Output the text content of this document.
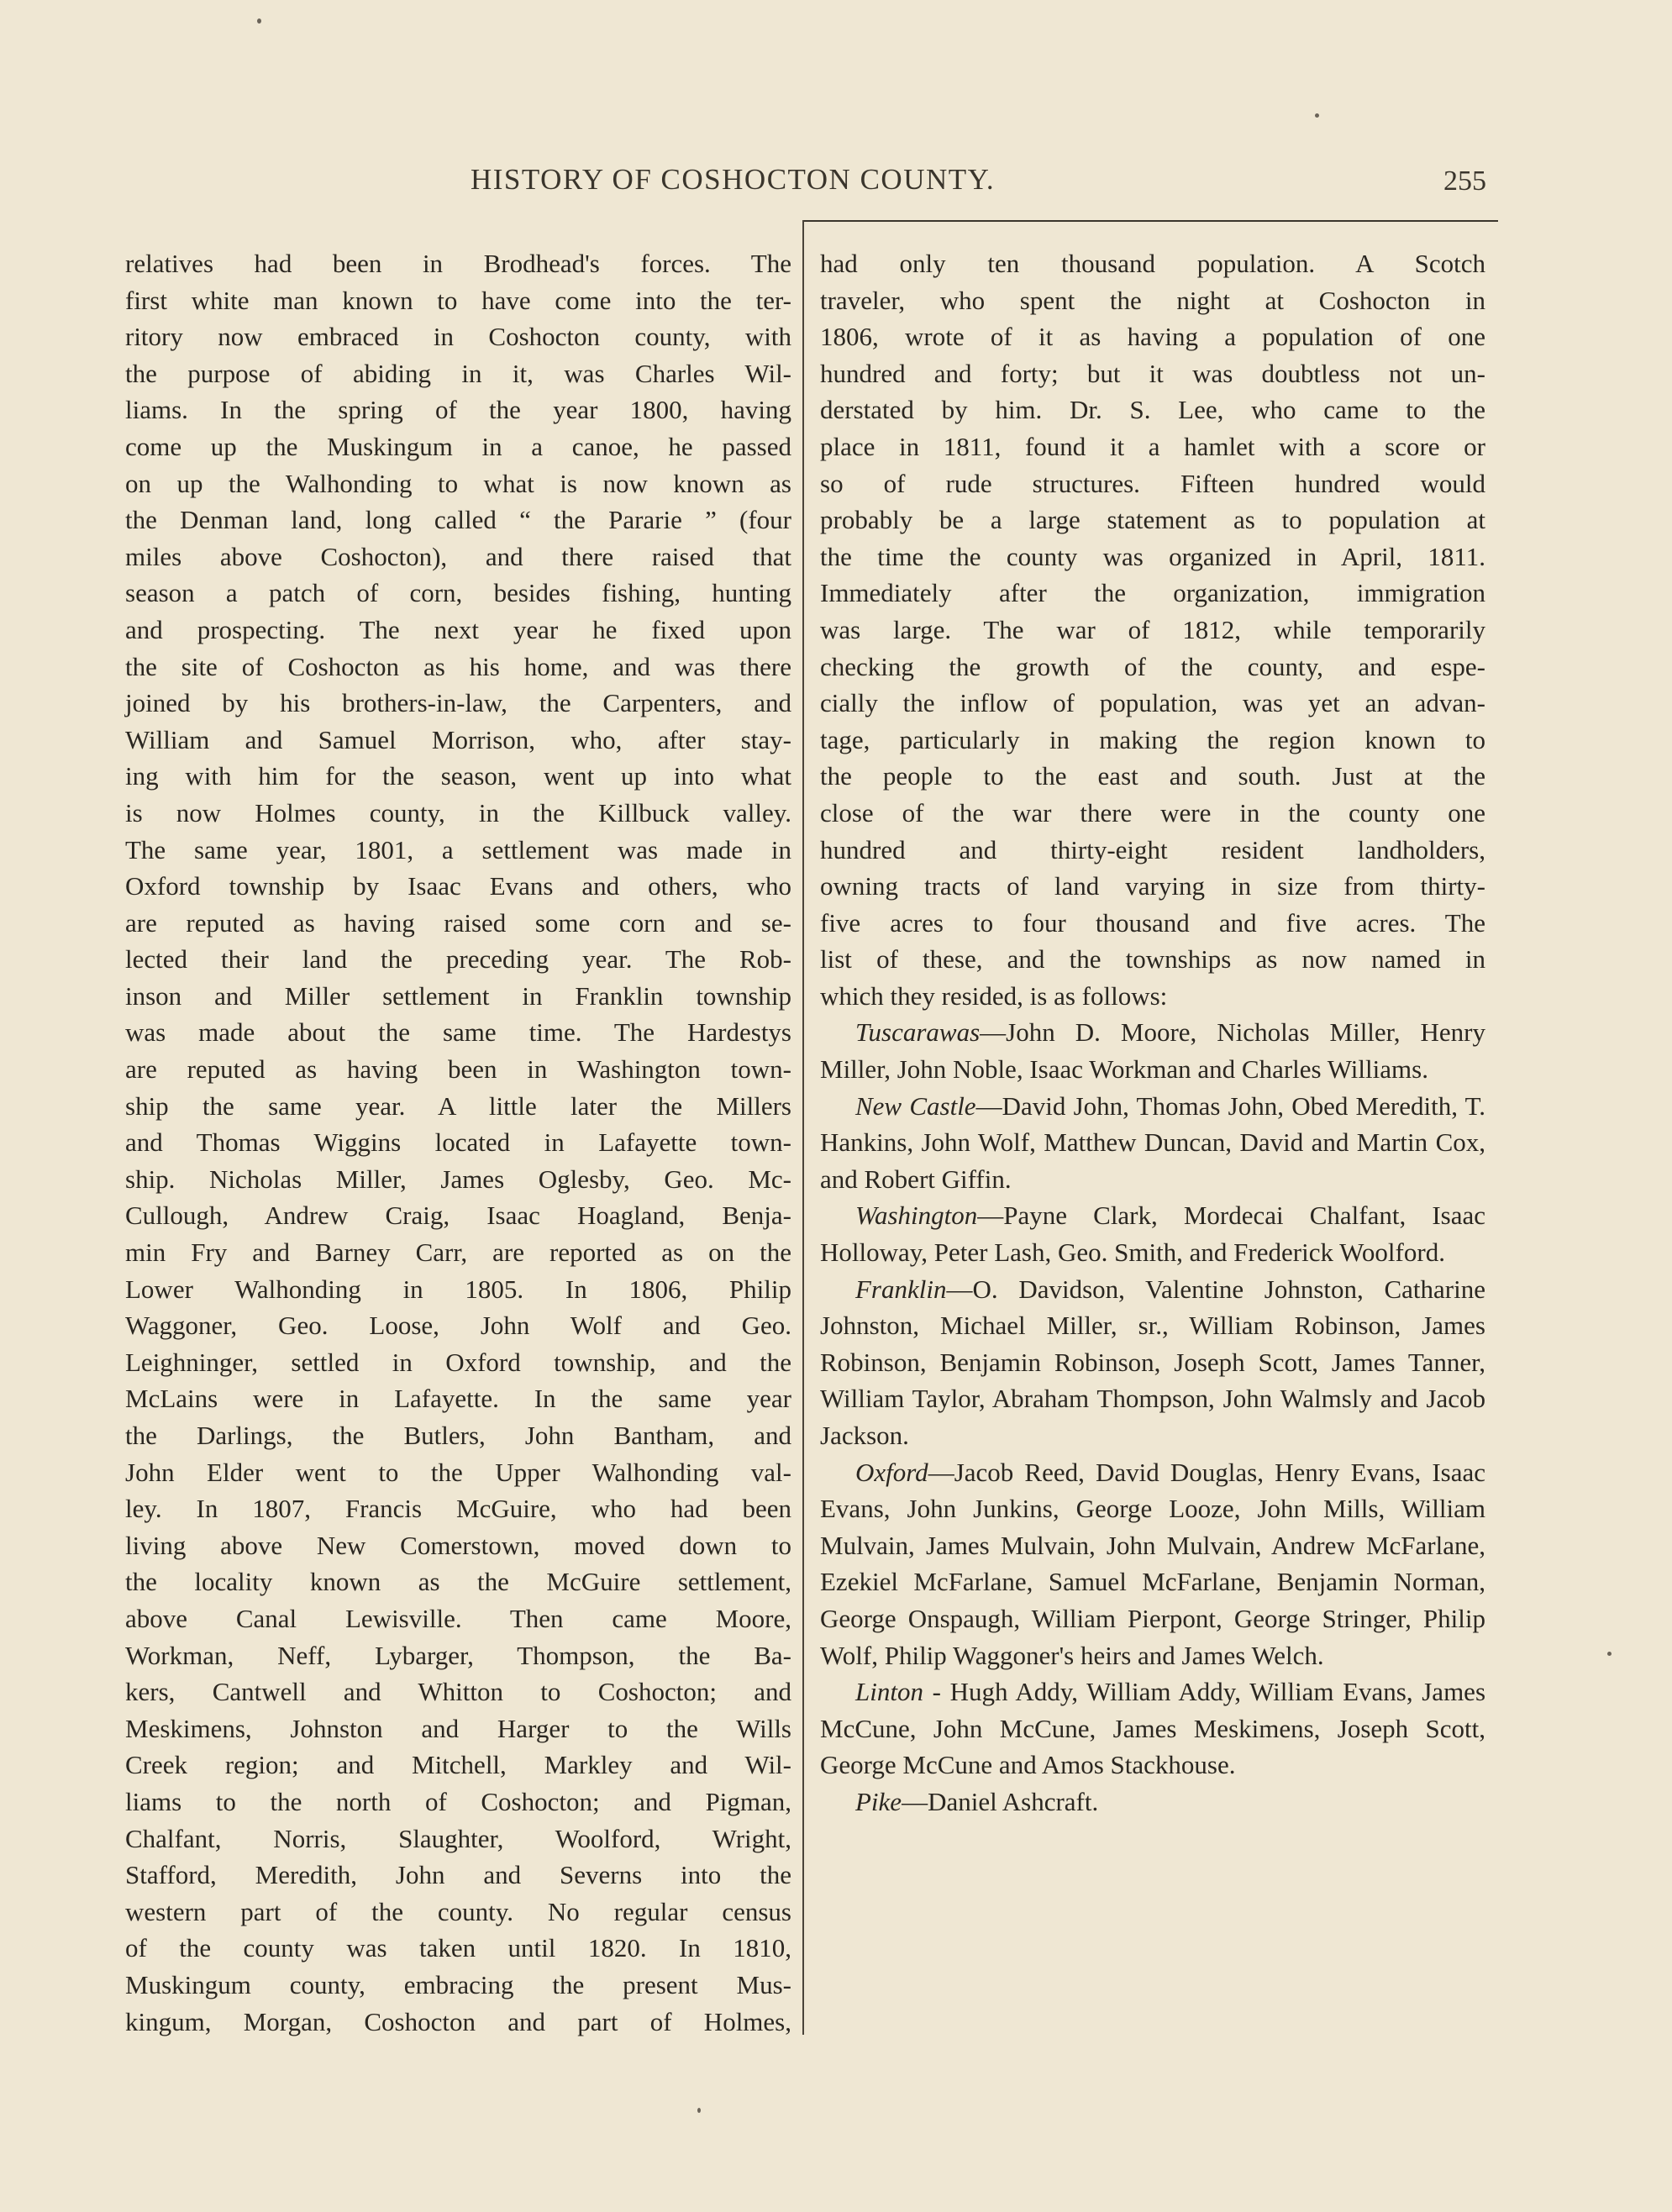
HISTORY OF COSHOCTON COUNTY.	255
relatives had been in Brodhead's forces. The
first white man known to have come into the ter-
ritory now embraced in Coshocton county, with
the purpose of abiding in it, was Charles Wil-
liams. In the spring of the year 1800, having
come up the Muskingum in a canoe, he passed
on up the Walhonding to what is now known as
the Denman land, long called “ the Pararie ” (four
miles above Coshocton), and there raised that
season a patch of corn, besides fishing, hunting
and prospecting. The next year he fixed upon
the site of Coshocton as his home, and was there
joined by his brothers-in-law, the Carpenters, and
William and Samuel Morrison, who, after stay-
ing with him for the season, went up into what
is now Holmes county, in the Killbuck valley.
The same year, 1801, a settlement was made in
Oxford township by Isaac Evans and others, who
are reputed as having raised some corn and se-
lected their land the preceding year. The Rob-
inson and Miller settlement in Franklin township
was made about the same time. The Hardestys
are reputed as having been in Washington town-
ship the same year. A little later the Millers
and Thomas Wiggins located in Lafayette town-
ship. Nicholas Miller, James Oglesby, Geo. Mc-
Cullough, Andrew Craig, Isaac Hoagland, Benja-
min Fry and Barney Carr, are reported as on the
Lower Walhonding in 1805. In 1806, Philip
Waggoner, Geo. Loose, John Wolf and Geo.
Leighninger, settled in Oxford township, and the
McLains were in Lafayette. In the same year
the Darlings, the Butlers, John Bantham, and
John Elder went to the Upper Walhonding val-
ley. In 1807, Francis McGuire, who had been
living above New Comerstown, moved down to
the locality known as the McGuire settlement,
above Canal Lewisville. Then came Moore,
Workman, Neff, Lybarger, Thompson, the Ba-
kers, Cantwell and Whitton to Coshocton; and
Meskimens, Johnston and Harger to the Wills
Creek region; and Mitchell, Markley and Wil-
liams to the north of Coshocton; and Pigman,
Chalfant, Norris, Slaughter, Woolford, Wright,
Stafford, Meredith, John and Severns into the
western part of the county. No regular census
of the county was taken until 1820. In 1810,
Muskingum county, embracing the present Mus-
kingum, Morgan, Coshocton and part of Holmes,
had only ten thousand population. A Scotch
traveler, who spent the night at Coshocton in
1806, wrote of it as having a population of one
hundred and forty; but it was doubtless not un-
derstated by him. Dr. S. Lee, who came to the
place in 1811, found it a hamlet with a score or
so of rude structures. Fifteen hundred would
probably be a large statement as to population at
the time the county was organized in April, 1811.
Immediately after the organization, immigration
was large. The war of 1812, while temporarily
checking the growth of the county, and espe-
cially the inflow of population, was yet an advan-
tage, particularly in making the region known to
the people to the east and south. Just at the
close of the war there were in the county one
hundred and thirty-eight resident landholders,
owning tracts of land varying in size from thirty-
five acres to four thousand and five acres. The
list of these, and the townships as now named in
which they resided, is as follows:

Tuscarawas—John D. Moore, Nicholas Miller, Henry Miller, John Noble, Isaac Workman and Charles Williams.

New Castle—David John, Thomas John, Obed Meredith, T. Hankins, John Wolf, Matthew Duncan, David and Martin Cox, and Robert Giffin.

Washington—Payne Clark, Mordecai Chalfant, Isaac Holloway, Peter Lash, Geo. Smith, and Frederick Woolford.

Franklin—O. Davidson, Valentine Johnston, Catharine Johnston, Michael Miller, sr., William Robinson, James Robinson, Benjamin Robinson, Joseph Scott, James Tanner, William Taylor, Abraham Thompson, John Walmsly and Jacob Jackson.

Oxford—Jacob Reed, David Douglas, Henry Evans, Isaac Evans, John Junkins, George Looze, John Mills, William Mulvain, James Mulvain, John Mulvain, Andrew McFarlane, Ezekiel McFarlane, Samuel McFarlane, Benjamin Norman, George Onspaugh, William Pierpont, George Stringer, Philip Wolf, Philip Waggoner's heirs and James Welch.

Linton - Hugh Addy, William Addy, William Evans, James McCune, John McCune, James Meskimens, Joseph Scott, George McCune and Amos Stackhouse.

Pike—Daniel Ashcraft.
